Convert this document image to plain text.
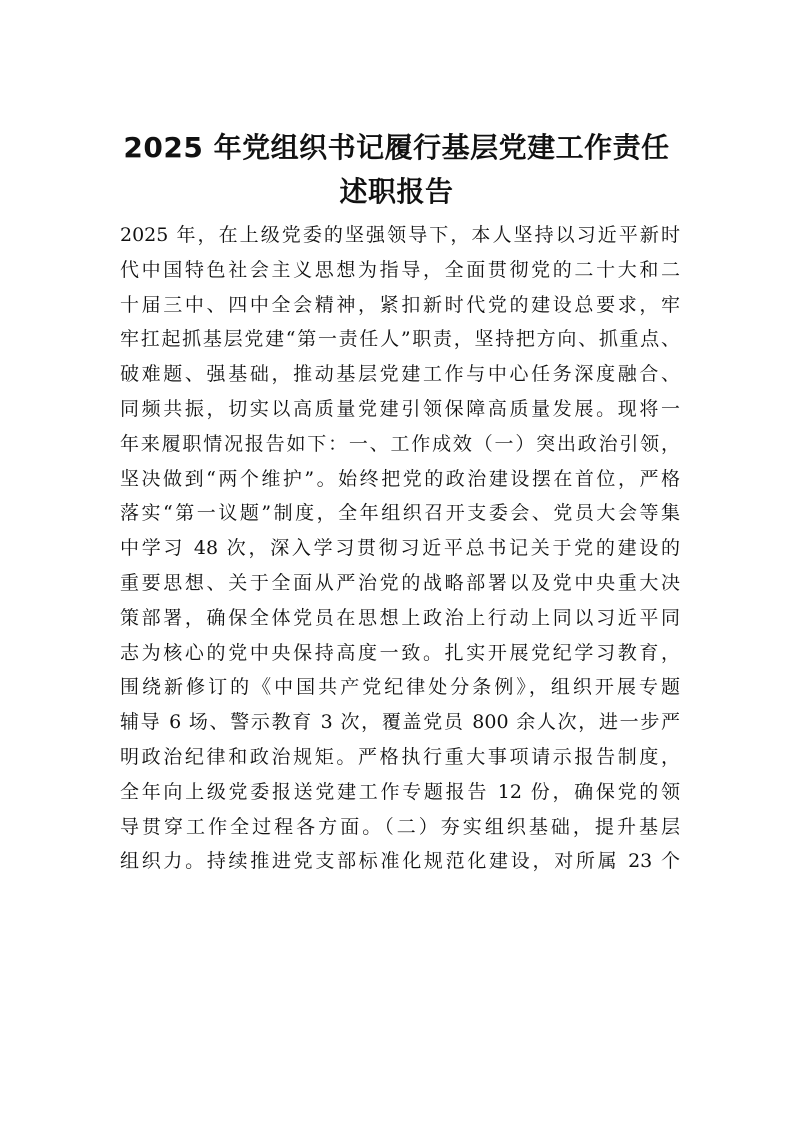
2025 年党组织书记履行基层党建工作责任
述职报告
2025 年，在上级党委的坚强领导下，本人坚持以习近平新时
代中国特色社会主义思想为指导，全面贯彻党的二十大和二
十届三中、四中全会精神，紧扣新时代党的建设总要求，牢
牢扛起抓基层党建“第一责任人”职责，坚持把方向、抓重点、
破难题、强基础，推动基层党建工作与中心任务深度融合、
同频共振，切实以高质量党建引领保障高质量发展。现将一
年来履职情况报告如下：一、工作成效（一）突出政治引领，
坚决做到“两个维护”。始终把党的政治建设摆在首位，严格
落实“第一议题”制度，全年组织召开支委会、党员大会等集
中学习 48 次，深入学习贯彻习近平总书记关于党的建设的
重要思想、关于全面从严治党的战略部署以及党中央重大决
策部署，确保全体党员在思想上政治上行动上同以习近平同
志为核心的党中央保持高度一致。扎实开展党纪学习教育，
围绕新修订的《中国共产党纪律处分条例》，组织开展专题
辅导 6 场、警示教育 3 次，覆盖党员 800 余人次，进一步严
明政治纪律和政治规矩。严格执行重大事项请示报告制度，
全年向上级党委报送党建工作专题报告 12 份，确保党的领
导贯穿工作全过程各方面。（二）夯实组织基础，提升基层
组织力。持续推进党支部标准化规范化建设，对所属 23 个
